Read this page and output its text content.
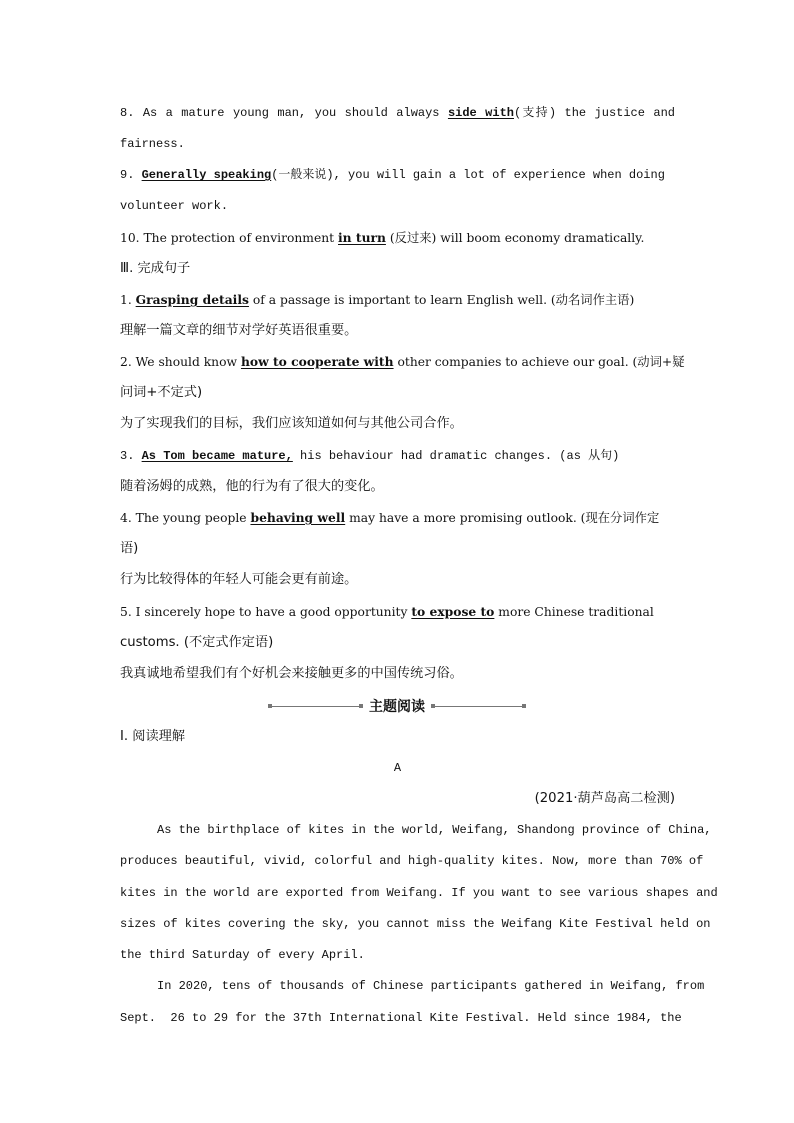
8. As a mature young man, you should always side with(支持) the justice and
fairness.
9. Generally speaking(一般来说), you will gain a lot of experience when doing
volunteer work.
10. The protection of environment in turn (反过来) will boom economy dramatically.
Ⅲ. 完成句子
1. Grasping details of a passage is important to learn English well. (动名词作主语)
理解一篇文章的细节对学好英语很重要。
2. We should know how to cooperate with other companies to achieve our goal. (动词+疑
问词+不定式)
为了实现我们的目标，我们应该知道如何与其他公司合作。
3. As Tom became mature, his behaviour had dramatic changes. (as 从句)
随着汤姆的成熟，他的行为有了很大的变化。
4. The young people behaving well may have a more promising outlook. (现在分词作定
语)
行为比较得体的年轻人可能会更有前途。
5. I sincerely hope to have a good opportunity to expose to more Chinese traditional
customs. (不定式作定语)
我真诚地希望我们有个好机会来接触更多的中国传统习俗。
主题阅读
Ⅰ. 阅读理解
A
(2021·葫芦岛高二检测)
As the birthplace of kites in the world, Weifang, Shandong province of China,
produces beautiful, vivid, colorful and high-quality kites. Now, more than 70% of
kites in the world are exported from Weifang. If you want to see various shapes and
sizes of kites covering the sky, you cannot miss the Weifang Kite Festival held on
the third Saturday of every April.
In 2020, tens of thousands of Chinese participants gathered in Weifang, from
Sept.  26 to 29 for the 37th International Kite Festival. Held since 1984, the
